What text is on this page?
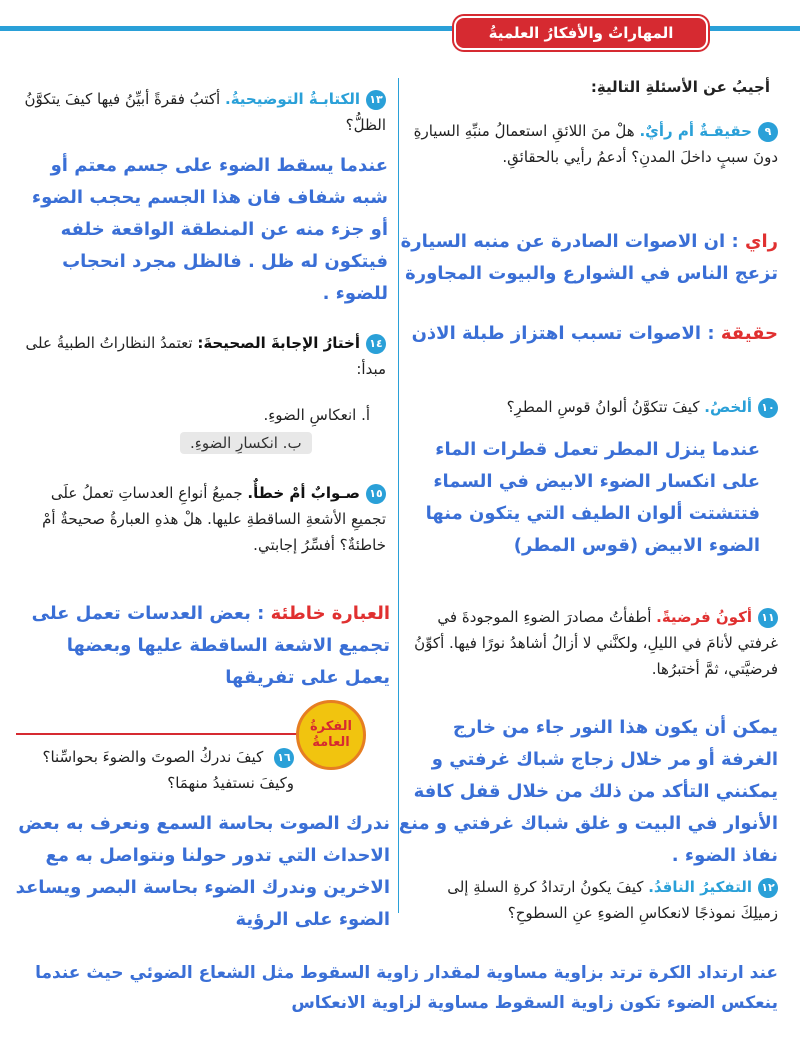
المهاراتُ والأفكارُ العلميةُ
أجيبُ عن الأسئلةِ التاليةِ:
٩حقيقـةٌ أم رأيٌ. هلْ منَ اللائقِ استعمالُ منبِّهِ السيارةِ دونَ سببٍ داخلَ المدنِ؟ أدعمُ رأيي بالحقائقِ.
راي : ان الاصوات الصادرة عن منبه السيارة تزعج الناس في الشوارع والبيوت المجاورة
حقيقة : الاصوات تسبب اهتزاز طبلة الاذن
١٠ألخصُ. كيفَ تتكوَّنُ ألوانُ قوسِ المطرِ؟
عندما ينزل المطر تعمل قطرات الماء على انكسار الضوء الابيض في السماء فتتشتت ألوان الطيف التي يتكون منها الضوء الابيض (قوس المطر)
١١أكونُ فرضيةً. أطفأتُ مصادرَ الضوءِ الموجودةَ في غرفتي لأنامَ في الليلِ، ولكنَّني لا أزالُ أشاهدُ نورًا فيها. أكوِّنُ فرضيَّتي، ثمَّ أختبرُها.
يمكن أن يكون هذا النور جاء من خارج الغرفة أو مر خلال زجاج شباك غرفتي و يمكنني التأكد من ذلك من خلال قفل كافة الأنوار في البيت و غلق شباك غرفتي و منع نفاذ الضوء .
١٢التفكيرُ الناقدُ. كيفَ يكونُ ارتدادُ كرةِ السلةِ إلى زميلِكَ نموذجًا لانعكاسِ الضوءِ عنِ السطوحِ؟
عند ارتداد الكرة ترتد بزاوية مساوية لمقدار زاوية السقوط مثل الشعاع الضوئي حيث عندما ينعكس الضوء تكون زاوية السقوط مساوية لزاوية الانعكاس
١٣الكتابـةُ التوضيحيةُ. أكتبُ فقرةً أبيِّنُ فيها كيفَ يتكوَّنُ الظلُّ؟
عندما يسقط الضوء على جسم معتم أو شبه شفاف فان هذا الجسم يحجب الضوء أو جزء منه عن المنطقة الواقعة خلفه فيتكون له ظل . فالظل مجرد انحجاب للضوء .
١٤أختارُ الإجابةَ الصحيحةَ: تعتمدُ النظاراتُ الطبيةُ على مبدأ:
أ. انعكاسِ الضوءِ.
ب. انكسارِ الضوءِ.
١٥صـوابٌ أمْ خطأٌ. جميعُ أنواعِ العدساتِ تعملُ علَى تجميعِ الأشعةِ الساقطةِ عليها. هلْ هذهِ العبارةُ صحيحةٌ أمْ خاطئةٌ؟ أفسِّرُ إجابتي.
العبارة خاطئة : بعض العدسات تعمل على تجميع الاشعة الساقطة عليها وبعضها يعمل على تفريقها
الفكرةُ العامةُ
١٦ كيفَ ندركُ الصوتَ والضوءَ بحواسِّنا؟ وكيفَ نستفيدُ منهمَا؟
ندرك الصوت بحاسة السمع ونعرف به بعض الاحداث التي تدور حولنا ونتواصل به مع الاخرين وندرك الضوء بحاسة البصر ويساعد الضوء على الرؤية
